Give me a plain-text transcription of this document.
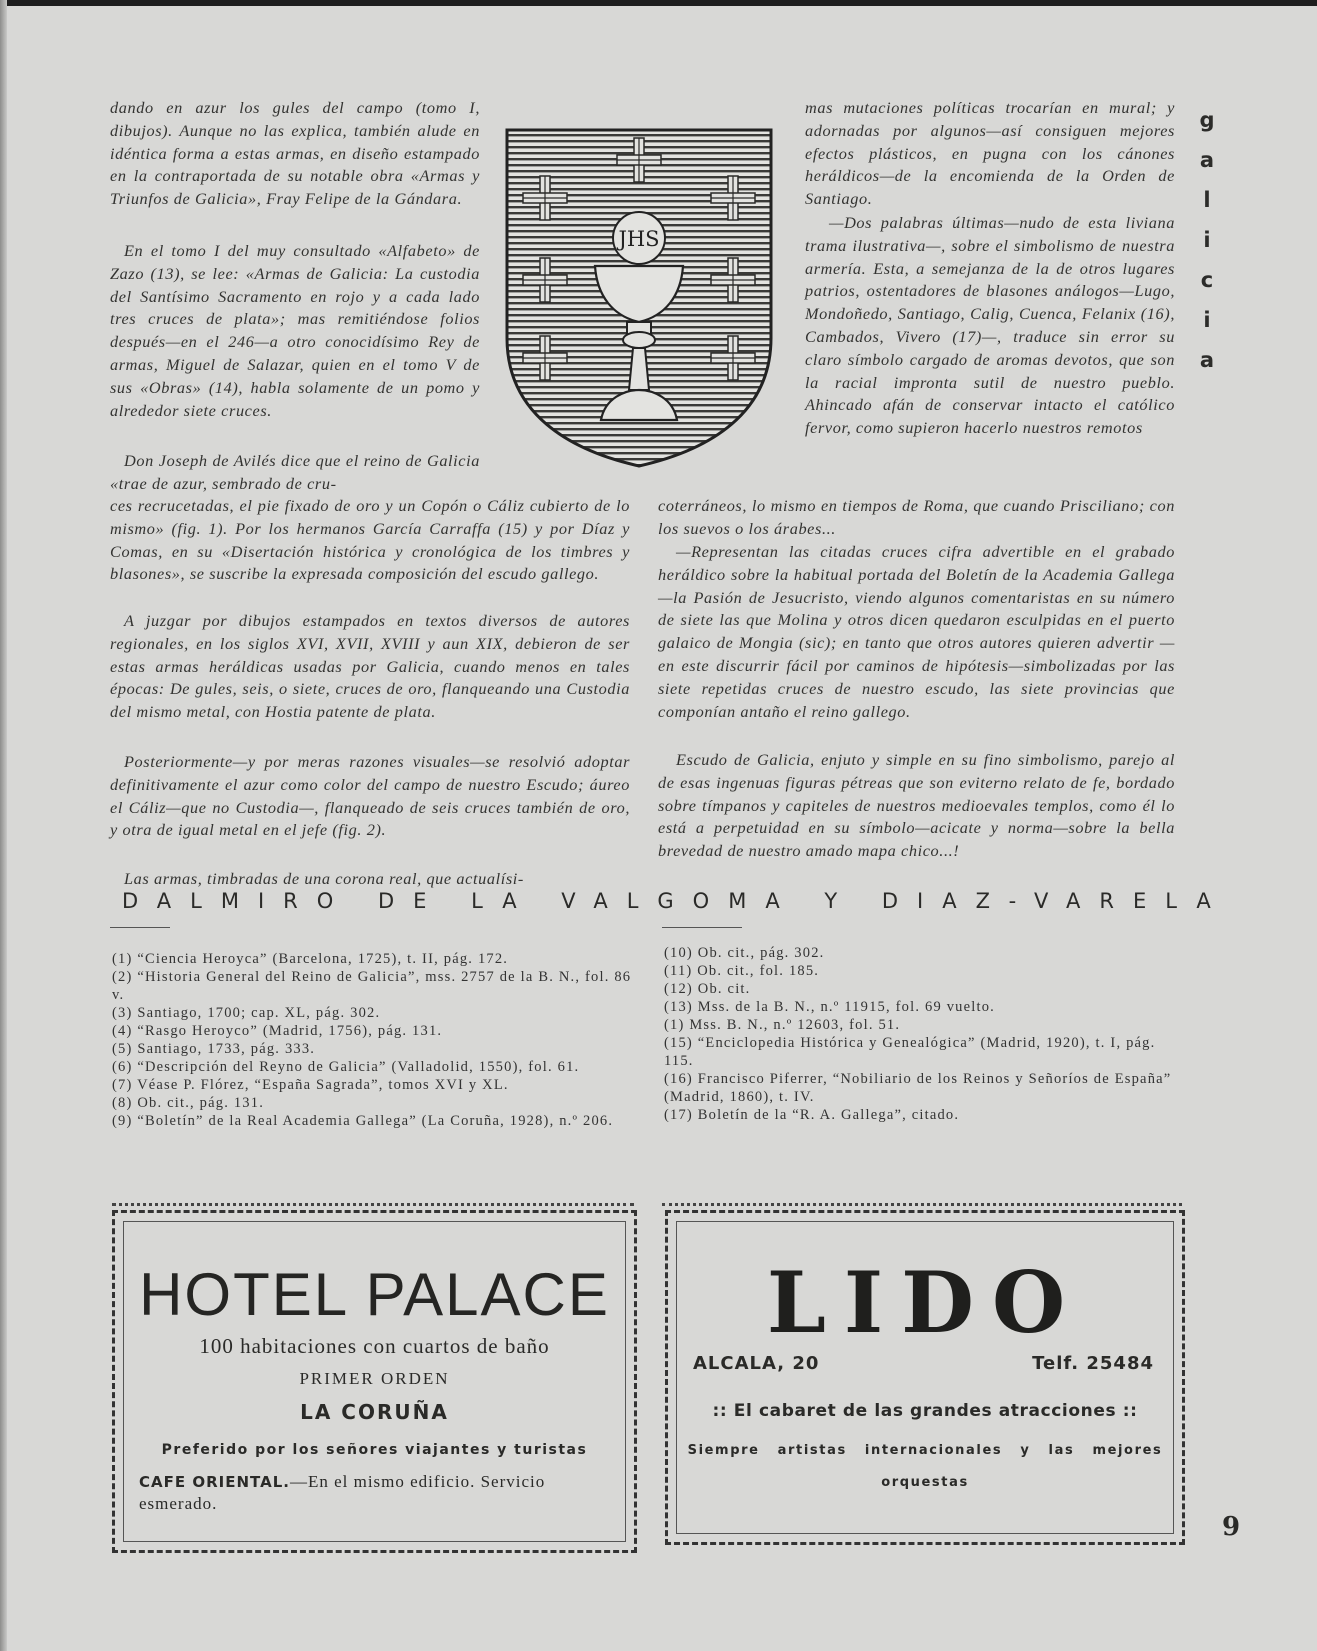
dando en azur los gules del campo (tomo I, dibujos). Aunque no las explica, también alude en idéntica forma a estas armas, en diseño estampado en la contraportada de su notable obra «Armas y Triunfos de Galicia», Fray Felipe de la Gándara.

En el tomo I del muy consultado «Alfabeto» de Zazo (13), se lee: «Armas de Galicia: La custodia del Santísimo Sacramento en rojo y a cada lado tres cruces de plata»; mas remitiéndose folios después—en el 246—a otro conocidísimo Rey de armas, Miguel de Salazar, quien en el tomo V de sus «Obras» (14), habla solamente de un pomo y alrededor siete cruces.

Don Joseph de Avilés dice que el reino de Galicia «trae de azur, sembrado de cru-

ces recrucetadas, el pie fixado de oro y un Copón o Cáliz cubierto de lo mismo» (fig. 1). Por los hermanos García Carraffa (15) y por Díaz y Comas, en su «Disertación histórica y cronológica de los timbres y blasones», se suscribe la expresada composición del escudo gallego.

A juzgar por dibujos estampados en textos diversos de autores regionales, en los siglos XVI, XVII, XVIII y aun XIX, debieron de ser estas armas heráldicas usadas por Galicia, cuando menos en tales épocas: De gules, seis, o siete, cruces de oro, flanqueando una Custodia del mismo metal, con Hostia patente de plata.

Posteriormente—y por meras razones visuales—se resolvió adoptar definitivamente el azur como color del campo de nuestro Escudo; áureo el Cáliz—que no Custodia—, flanqueado de seis cruces también de oro, y otra de igual metal en el jefe (fig. 2).

Las armas, timbradas de una corona real, que actualísi-

JHS

mas mutaciones políticas trocarían en mural; y adornadas por algunos—así consiguen mejores efectos plásticos, en pugna con los cánones heráldicos—de la encomienda de la Orden de Santiago.

—Dos palabras últimas—nudo de esta liviana trama ilustrativa—, sobre el simbolismo de nuestra armería. Esta, a semejanza de la de otros lugares patrios, ostentadores de blasones análogos—Lugo, Mondoñedo, Santiago, Calig, Cuenca, Felanix (16), Cambados, Vivero (17)—, traduce sin error su claro símbolo cargado de aromas devotos, que son la racial impronta sutil de nuestro pueblo. Ahincado afán de conservar intacto el católico fervor, como supieron hacerlo nuestros remotos

coterráneos, lo mismo en tiempos de Roma, que cuando Prisciliano; con los suevos o los árabes...

—Representan las citadas cruces cifra advertible en el grabado heráldico sobre la habitual portada del Boletín de la Academia Gallega—la Pasión de Jesucristo, viendo algunos comentaristas en su número de siete las que Molina y otros dicen quedaron esculpidas en el puerto galaico de Mongia (sic); en tanto que otros autores quieren advertir —en este discurrir fácil por caminos de hipótesis—simbolizadas por las siete repetidas cruces de nuestro escudo, las siete provincias que componían antaño el reino gallego.

Escudo de Galicia, enjuto y simple en su fino simbolismo, parejo al de esas ingenuas figuras pétreas que son eviterno relato de fe, bordado sobre tímpanos y capiteles de nuestros medioevales templos, como él lo está a perpetuidad en su símbolo—acicate y norma—sobre la bella brevedad de nuestro amado mapa chico...!

g
a
l
i
c
i
a

DALMIRO DE LA VALGOMA Y DIAZ-VARELA

(1) “Ciencia Heroyca” (Barcelona, 1725), t. II, pág. 172.

(2) “Historia General del Reino de Galicia”, mss. 2757 de la B. N., fol. 86 v.

(3) Santiago, 1700; cap. XL, pág. 302.

(4) “Rasgo Heroyco” (Madrid, 1756), pág. 131.

(5) Santiago, 1733, pág. 333.

(6) “Descripción del Reyno de Galicia” (Valladolid, 1550), fol. 61.

(7) Véase P. Flórez, “España Sagrada”, tomos XVI y XL.

(8) Ob. cit., pág. 131.

(9) “Boletín” de la Real Academia Gallega” (La Coruña, 1928), n.º 206.

(10) Ob. cit., pág. 302.

(11) Ob. cit., fol. 185.

(12) Ob. cit.

(13) Mss. de la B. N., n.º 11915, fol. 69 vuelto.

(1) Mss. B. N., n.º 12603, fol. 51.

(15) “Enciclopedia Histórica y Genealógica” (Madrid, 1920), t. I, pág. 115.

(16) Francisco Piferrer, “Nobiliario de los Reinos y Señoríos de España” (Madrid, 1860), t. IV.

(17) Boletín de la “R. A. Gallega”, citado.

HOTEL PALACE

100 habitaciones con cuartos de baño

PRIMER ORDEN

LA CORUÑA

Preferido por los señores viajantes y turistas

CAFE ORIENTAL.—En el mismo edificio. Servicio esmerado.

LIDO

ALCALA, 20	Telf. 25484

:: El cabaret de las grandes atracciones ::

Siempre artistas internacionales y las mejores

orquestas

9
